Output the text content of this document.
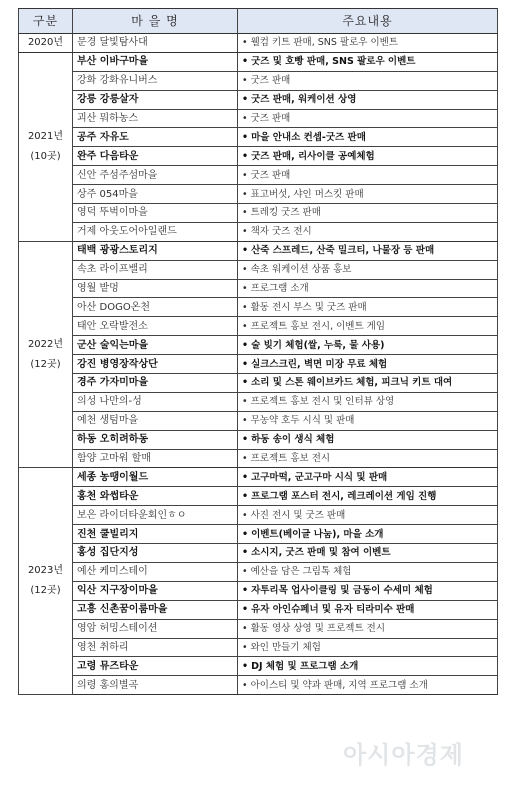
구분	마 을 명	주요내용

2020년	문경 달빛탐사대	• 웰컴 키트 판매, SNS 팔로우 이벤트

2021년
(10곳)	부산 이바구마을	• 굿즈 및 호빵 판매, SNS 팔로우 이벤트
	강화 강화유니버스	• 굿즈 판매
	강릉 강릉살자	• 굿즈 판매, 워케이션 상영
	괴산 뭐하농스	• 굿즈 판매
	공주 자유도	• 마을 안내소 컨셉-굿즈 판매
	완주 다음타운	• 굿즈 판매, 리사이클 공예체험
	신안 주섬주섬마을	• 굿즈 판매
	상주 054마을	• 표고버섯, 샤인 머스킷 판매
	영덕 뚜벅이마을	• 트레킹 굿즈 판매
	거제 아웃도어아일랜드	• 책자 굿즈 전시

2022년
(12곳)	태백 광광스토리지	• 산죽 스프레드, 산죽 밀크티, 나물장 등 판매
	속초 라이프밸리	• 속초 워케이션 상품 홍보
	영월 밭멍	• 프로그램 소개
	아산 DOGO온천	• 활동 전시 부스 및 굿즈 판매
	태안 오락발전소	• 프로젝트 홍보 전시, 이벤트 게임
	군산 술익는마을	• 술 빚기 체험(쌀, 누룩, 물 사용)
	강진 병영장작상단	• 실크스크린, 벽면 미장 무료 체험
	경주 가자미마을	• 소리 및 스톤 웨이브카드 체험, 피크닉 키트 대여
	의성 나만의-성	• 프로젝트 홍보 전시 및 인터뷰 상영
	예천 생텀마을	• 무농약 호두 시식 및 판매
	하동 오히려하동	• 하동 송이 생식 체험
	함양 고마워 할매	• 프로젝트 홍보 전시

2023년
(12곳)	세종 농땡이월드	• 고구마떡, 군고구마 시식 및 판매
	홍천 와썹타운	• 프로그램 포스터 전시, 레크레이션 게임 진행
	보은 라이더타운회인ㅎㅇ	• 사진 전시 및 굿즈 판매
	진천 쿨빌리지	• 이벤트(베이글 나눔), 마을 소개
	홍성 집단지성	• 소시지, 굿즈 판매 및 참여 이벤트
	예산 케미스테이	• 예산을 담은 그림톡 체험
	익산 지구장이마을	• 자투리목 업사이클링 및 금동이 수세미 체험
	고흥 신촌꿈이룸마을	• 유자 아인슈페너 및 유자 티라미수 판매
	영암 허밍스테이션	• 활동 영상 상영 및 프로젝트 전시
	영천 취하리	• 와인 만들기 체험
	고령 뮤즈타운	• DJ 체험 및 프로그램 소개
	의령 홍의별곡	• 아이스티 및 약과 판매, 지역 프로그램 소개
아시아경제
